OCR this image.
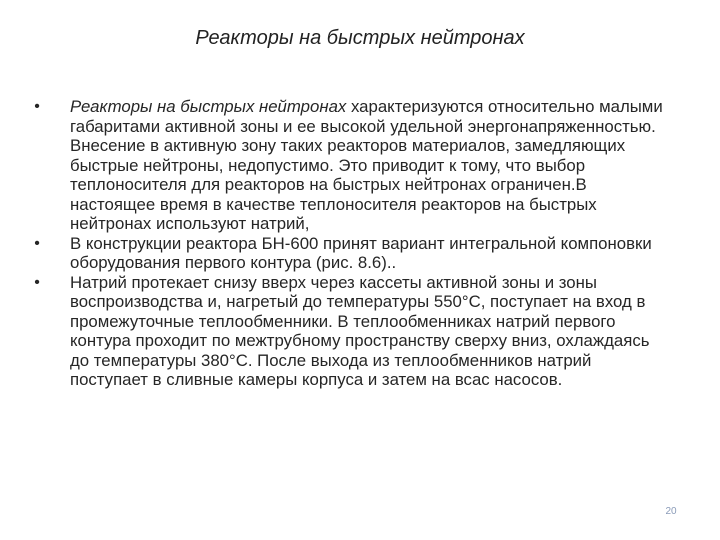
Реакторы на быстрых нейтронах
• Реакторы на быстрых нейтронах характеризуются относительно малыми габаритами активной зоны и ее высокой удельной энергонапряженностью. Внесение в активную зону таких реакторов материалов, замедляющих быстрые нейтроны, недопустимо. Это приводит к тому, что выбор теплоносителя для реакторов на быстрых нейтронах ограничен.В настоящее время в качестве теплоносителя реакторов на быстрых нейтронах используют натрий,
• В конструкции реактора БН-600 принят вариант интегральной компоновки оборудования первого контура (рис. 8.6)..
• Натрий протекает снизу вверх через кассеты активной зоны и зоны воспроизводства и, нагретый до температуры 550°С, поступает на вход в промежуточные теплообменники. В теплообменниках натрий первого контура проходит по межтрубному пространству сверху вниз, охлаждаясь до температуры 380°С. После выхода из теплообменников натрий поступает в сливные камеры корпуса и затем на всас насосов.
20
